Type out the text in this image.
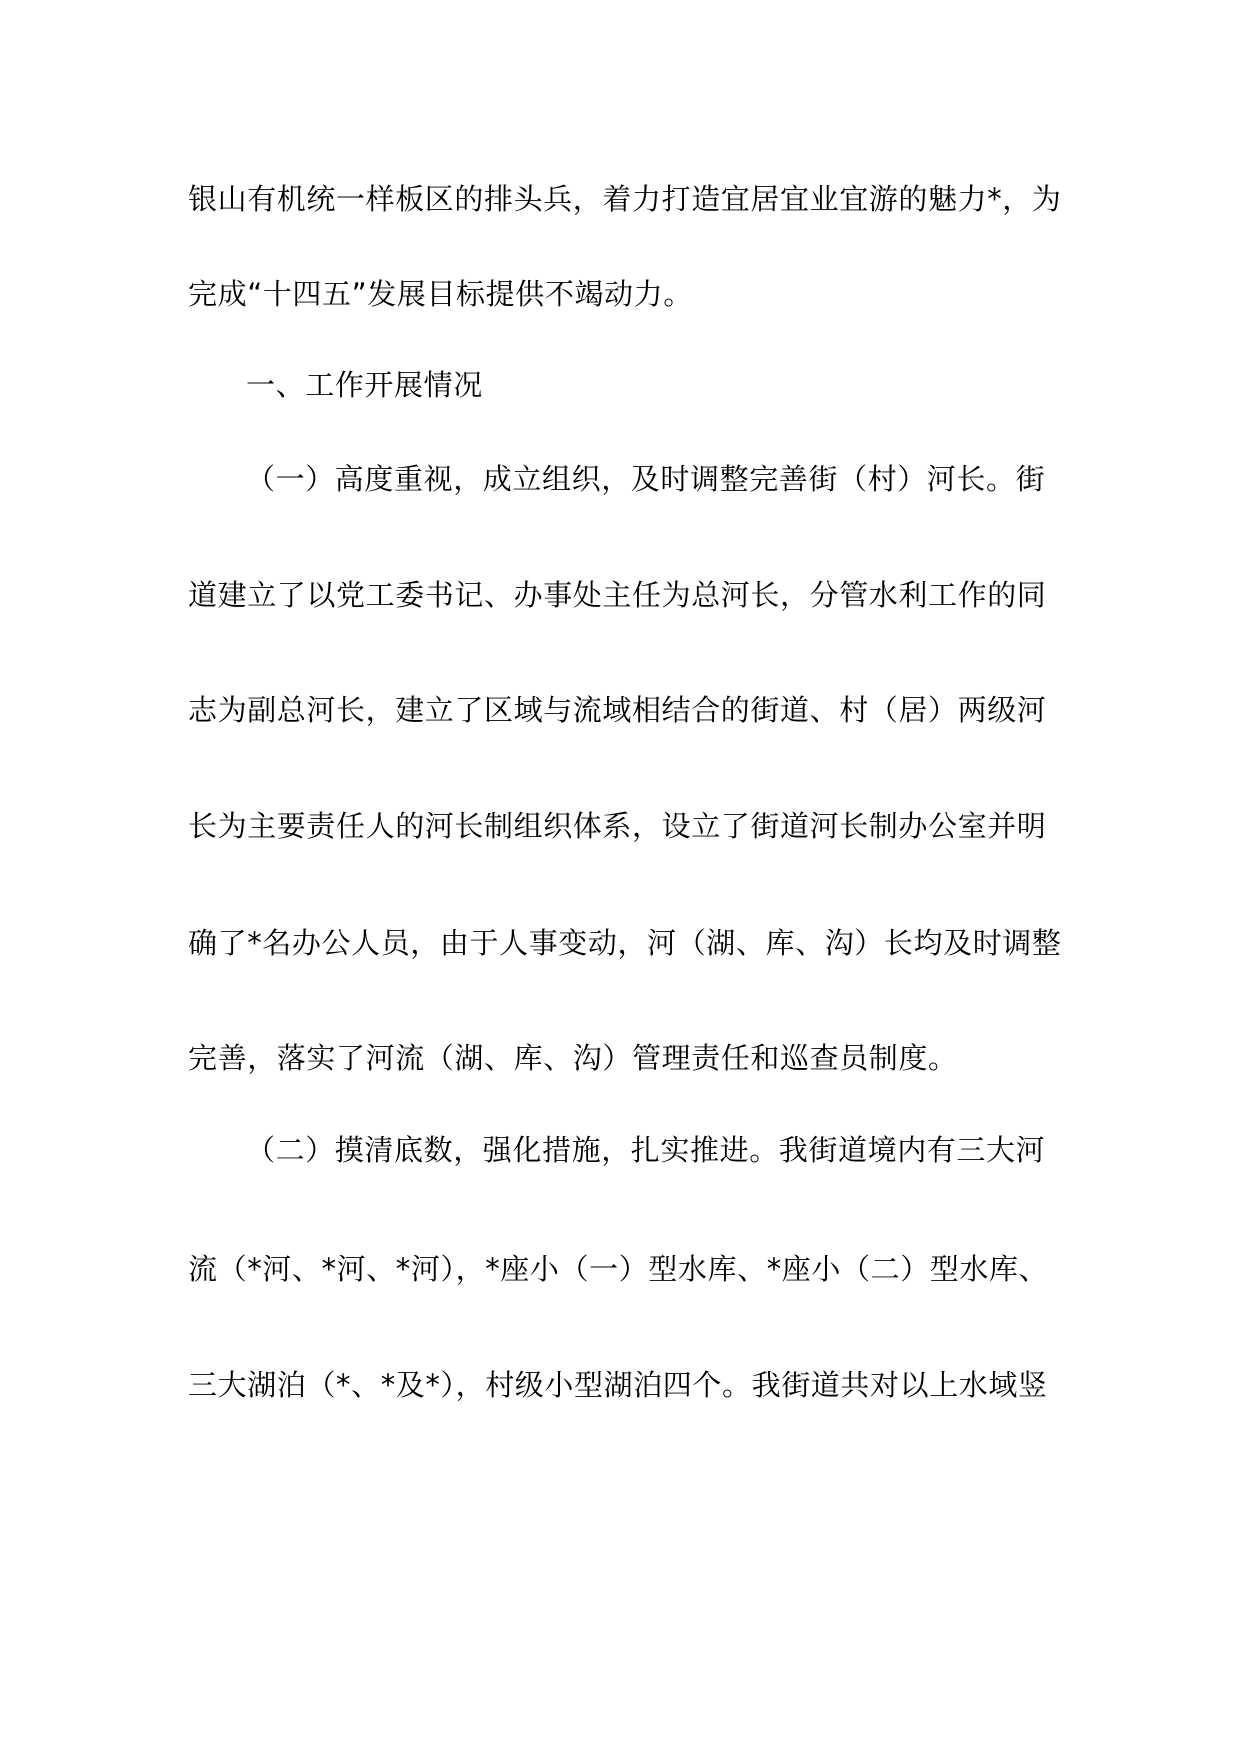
银山有机统一样板区的排头兵，着力打造宜居宜业宜游的魅力*，为
完成“十四五”发展目标提供不竭动力。
一、工作开展情况
（一）高度重视，成立组织，及时调整完善街（村）河长。街
道建立了以党工委书记、办事处主任为总河长，分管水利工作的同
志为副总河长，建立了区域与流域相结合的街道、村（居）两级河
长为主要责任人的河长制组织体系，设立了街道河长制办公室并明
确了*名办公人员，由于人事变动，河（湖、库、沟）长均及时调整
完善，落实了河流（湖、库、沟）管理责任和巡查员制度。
（二）摸清底数，强化措施，扎实推进。我街道境内有三大河
流（*河、*河、*河），*座小（一）型水库、*座小（二）型水库、
三大湖泊（*、*及*），村级小型湖泊四个。我街道共对以上水域竖
